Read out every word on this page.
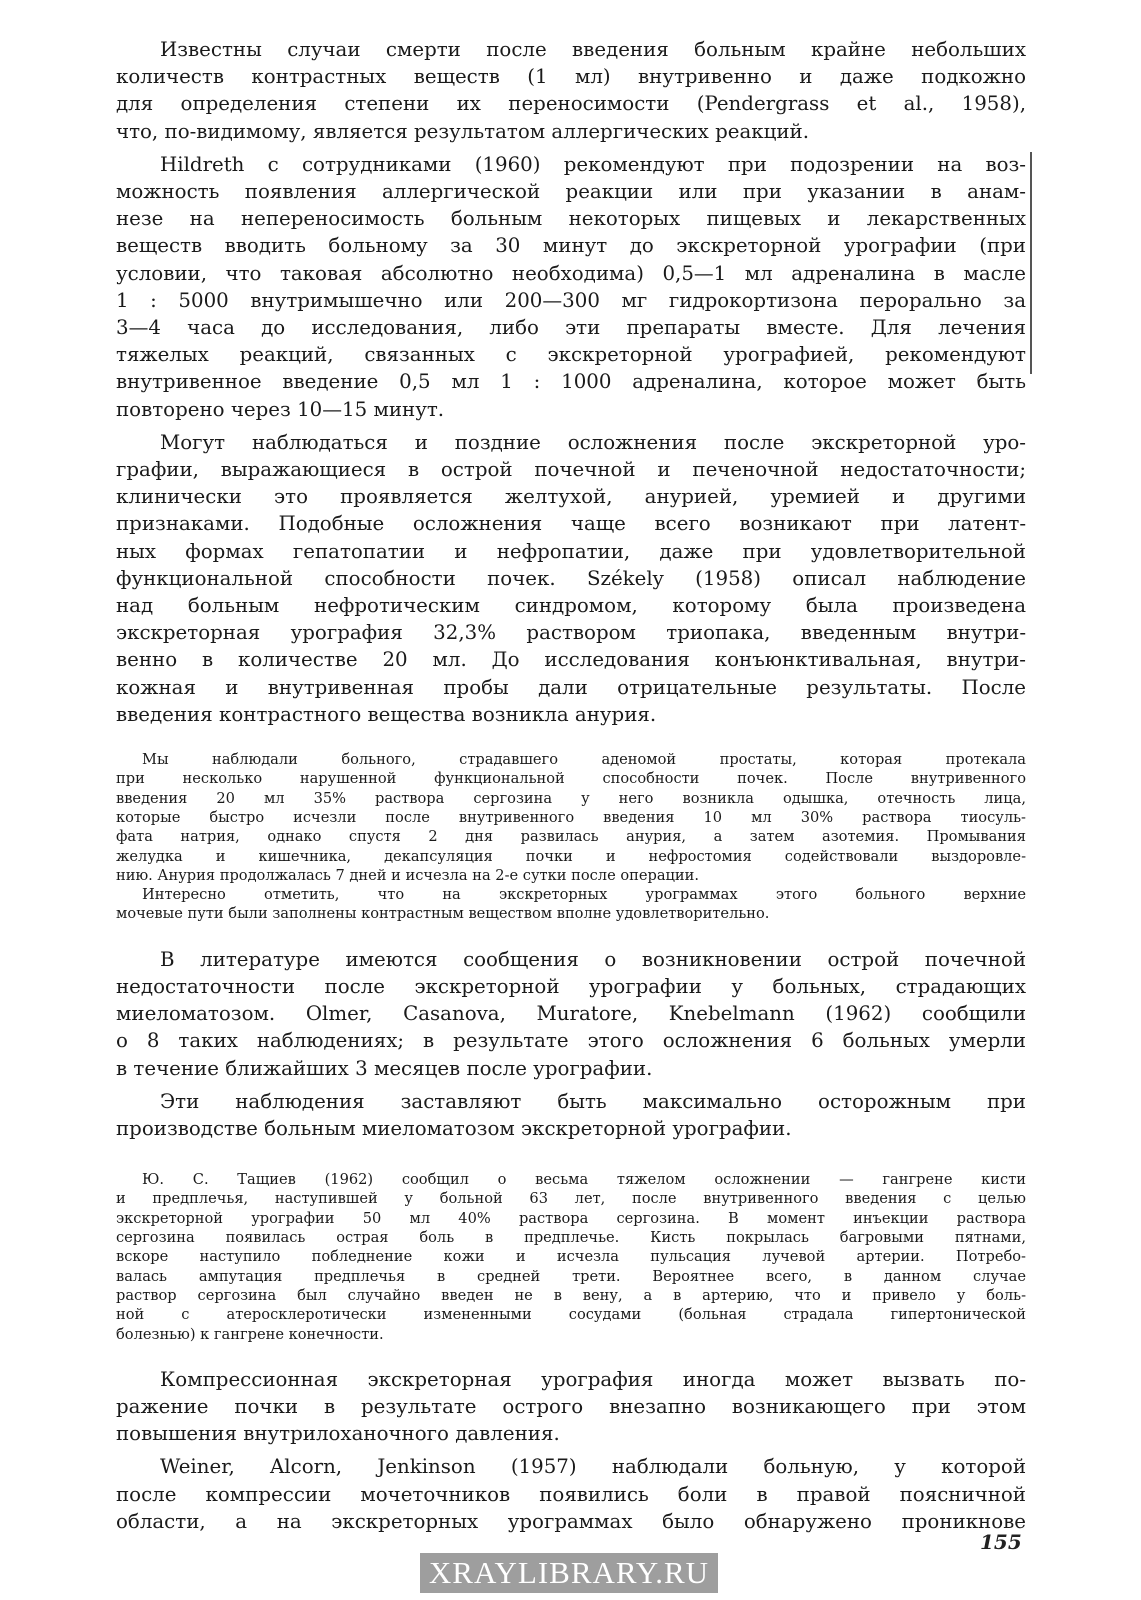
Известны случаи смерти после введения больным крайне небольших
количеств контрастных веществ (1 мл) внутривенно и даже подкожно
для определения степени их переносимости (Pendergrass et al., 1958),
что, по-видимому, является результатом аллергических реакций.
Hildreth с сотрудниками (1960) рекомендуют при подозрении на воз-
можность появления аллергической реакции или при указании в анам-
незе на непереносимость больным некоторых пищевых и лекарственных
веществ вводить больному за 30 минут до экскреторной урографии (при
условии, что таковая абсолютно необходима) 0,5—1 мл адреналина в масле
1 : 5000 внутримышечно или 200—300 мг гидрокортизона перорально за
3—4 часа до исследования, либо эти препараты вместе. Для лечения
тяжелых реакций, связанных с экскреторной урографией, рекомендуют
внутривенное введение 0,5 мл 1 : 1000 адреналина, которое может быть
повторено через 10—15 минут.
Могут наблюдаться и поздние осложнения после экскреторной уро-
графии, выражающиеся в острой почечной и печеночной недостаточности;
клинически это проявляется желтухой, анурией, уремией и другими
признаками. Подобные осложнения чаще всего возникают при латент-
ных формах гепатопатии и нефропатии, даже при удовлетворительной
функциональной способности почек. Székely (1958) описал наблюдение
над больным нефротическим синдромом, которому была произведена
экскреторная урография 32,3% раствором триопака, введенным внутри-
венно в количестве 20 мл. До исследования конъюнктивальная, внутри-
кожная и внутривенная пробы дали отрицательные результаты. После
введения контрастного вещества возникла анурия.
Мы наблюдали больного, страдавшего аденомой простаты, которая протекала
при несколько нарушенной функциональной способности почек. После внутривенного
введения 20 мл 35% раствора сергозина у него возникла одышка, отечность лица,
которые быстро исчезли после внутривенного введения 10 мл 30% раствора тиосуль-
фата натрия, однако спустя 2 дня развилась анурия, а затем азотемия. Промывания
желудка и кишечника, декапсуляция почки и нефростомия содействовали выздоровле-
нию. Анурия продолжалась 7 дней и исчезла на 2-е сутки после операции.
Интересно отметить, что на экскреторных урограммах этого больного верхние
мочевые пути были заполнены контрастным веществом вполне удовлетворительно.
В литературе имеются сообщения о возникновении острой почечной
недостаточности после экскреторной урографии у больных, страдающих
миеломатозом. Olmer, Casanova, Muratore, Knebelmann (1962) сообщили
о 8 таких наблюдениях; в результате этого осложнения 6 больных умерли
в течение ближайших 3 месяцев после урографии.
Эти наблюдения заставляют быть максимально осторожным при
производстве больным миеломатозом экскреторной урографии.
Ю. С. Тащиев (1962) сообщил о весьма тяжелом осложнении — гангрене кисти
и предплечья, наступившей у больной 63 лет, после внутривенного введения с целью
экскреторной урографии 50 мл 40% раствора сергозина. В момент инъекции раствора
сергозина появилась острая боль в предплечье. Кисть покрылась багровыми пятнами,
вскоре наступило побледнение кожи и исчезла пульсация лучевой артерии. Потребо-
валась ампутация предплечья в средней трети. Вероятнее всего, в данном случае
раствор сергозина был случайно введен не в вену, а в артерию, что и привело у боль-
ной с атеросклеротически измененными сосудами (больная страдала гипертонической
болезнью) к гангрене конечности.
Компрессионная экскреторная урография иногда может вызвать по-
ражение почки в результате острого внезапно возникающего при этом
повышения внутрилоханочного давления.
Weiner, Alcorn, Jenkinson (1957) наблюдали больную, у которой
после компрессии мочеточников появились боли в правой поясничной
области, а на экскреторных урограммах было обнаружено проникнове
155
XRAYLIBRARY.RU
